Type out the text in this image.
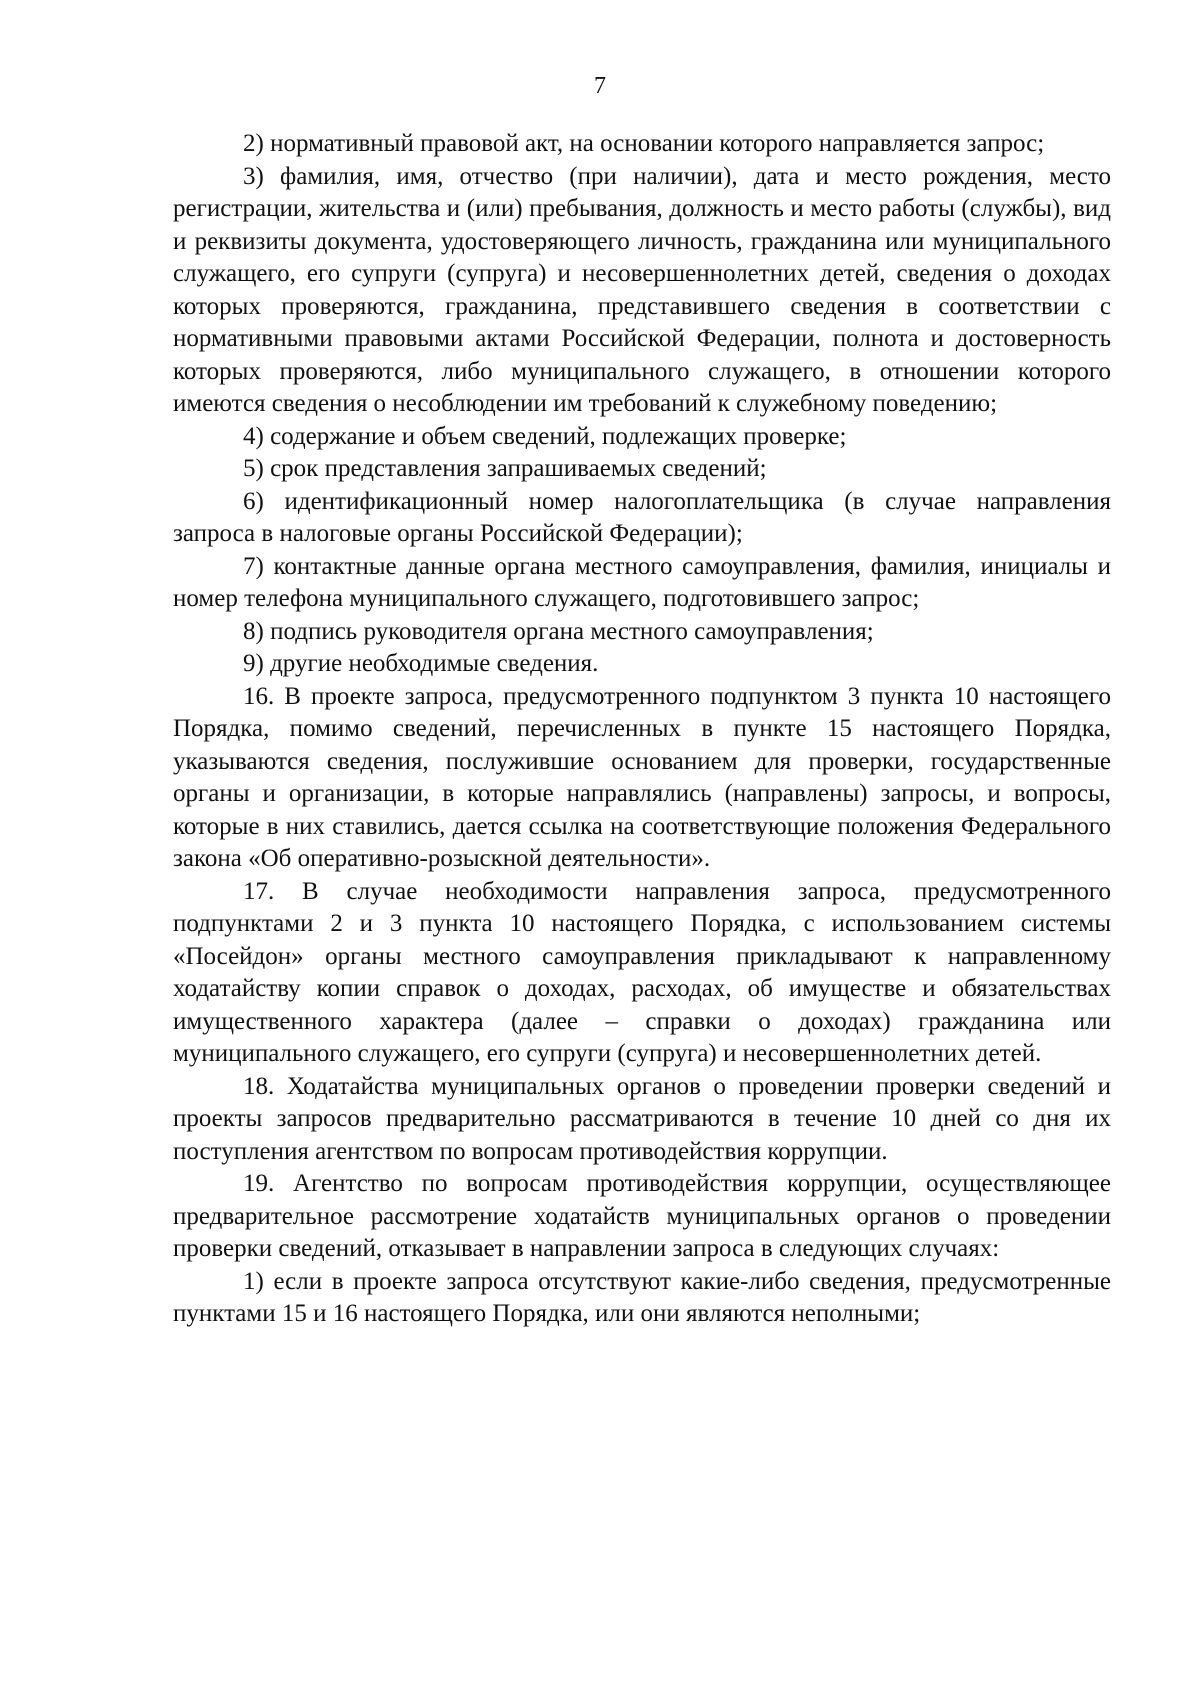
7

2) нормативный правовой акт, на основании которого направляется запрос;

3) фамилия, имя, отчество (при наличии), дата и место рождения, место регистрации, жительства и (или) пребывания, должность и место работы (службы), вид и реквизиты документа, удостоверяющего личность, гражданина или муниципального служащего, его супруги (супруга) и несовершеннолетних детей, сведения о доходах которых проверяются, гражданина, представившего сведения в соответствии с нормативными правовыми актами Российской Федерации, полнота и достоверность которых проверяются, либо муниципального служащего, в отношении которого имеются сведения о несоблюдении им требований к служебному поведению;

4) содержание и объем сведений, подлежащих проверке;

5) срок представления запрашиваемых сведений;

6) идентификационный номер налогоплательщика (в случае направления запроса в налоговые органы Российской Федерации);

7) контактные данные органа местного самоуправления, фамилия, инициалы и номер телефона муниципального служащего, подготовившего запрос;

8) подпись руководителя органа местного самоуправления;

9) другие необходимые сведения.

16. В проекте запроса, предусмотренного подпунктом 3 пункта 10 настоящего Порядка, помимо сведений, перечисленных в пункте 15 настоящего Порядка, указываются сведения, послужившие основанием для проверки, государственные органы и организации, в которые направлялись (направлены) запросы, и вопросы, которые в них ставились, дается ссылка на соответствующие положения Федерального закона «Об оперативно-розыскной деятельности».

17. В случае необходимости направления запроса, предусмотренного подпунктами 2 и 3 пункта 10 настоящего Порядка, с использованием системы «Посейдон» органы местного самоуправления прикладывают к направленному ходатайству копии справок о доходах, расходах, об имуществе и обязательствах имущественного характера (далее – справки о доходах) гражданина или муниципального служащего, его супруги (супруга) и несовершеннолетних детей.

18. Ходатайства муниципальных органов о проведении проверки сведений и проекты запросов предварительно рассматриваются в течение 10 дней со дня их поступления агентством по вопросам противодействия коррупции.

19. Агентство по вопросам противодействия коррупции, осуществляющее предварительное рассмотрение ходатайств муниципальных органов о проведении проверки сведений, отказывает в направлении запроса в следующих случаях:

1) если в проекте запроса отсутствуют какие-либо сведения, предусмотренные пунктами 15 и 16 настоящего Порядка, или они являются неполными;
